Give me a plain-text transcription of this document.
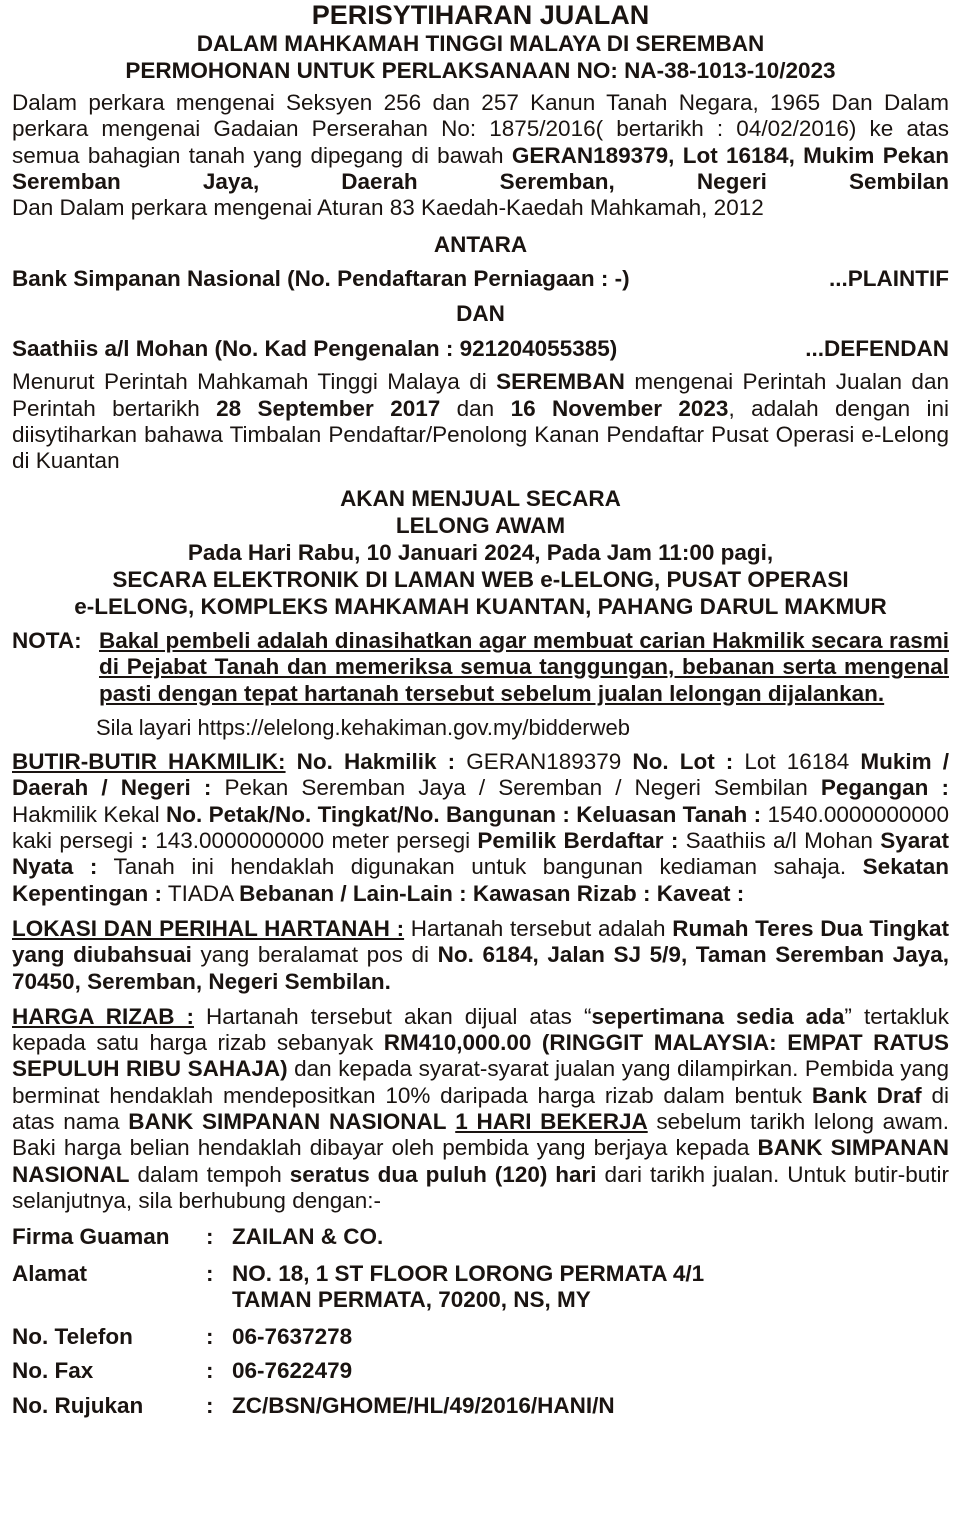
PERISYTIHARAN JUALAN
DALAM MAHKAMAH TINGGI MALAYA DI SEREMBAN
PERMOHONAN UNTUK PERLAKSANAAN NO: NA-38-1013-10/2023

Dalam perkara mengenai Seksyen 256 dan 257 Kanun Tanah Negara, 1965 Dan Dalam perkara mengenai Gadaian Perserahan No: 1875/2016( bertarikh : 04/02/2016) ke atas semua bahagian tanah yang dipegang di bawah GERAN189379, Lot 16184, Mukim Pekan Seremban Jaya, Daerah Seremban, Negeri Sembilan

Dan Dalam perkara mengenai Aturan 83 Kaedah-Kaedah Mahkamah, 2012

ANTARA
Bank Simpanan Nasional (No. Pendaftaran Perniagaan : -)	...PLAINTIF
DAN
Saathiis a/l Mohan (No. Kad Pengenalan : 921204055385)	...DEFENDAN

Menurut Perintah Mahkamah Tinggi Malaya di SEREMBAN mengenai Perintah Jualan dan Perintah bertarikh 28 September 2017 dan 16 November 2023, adalah dengan ini diisytiharkan bahawa Timbalan Pendaftar/Penolong Kanan Pendaftar Pusat Operasi e-Lelong di Kuantan

AKAN MENJUAL SECARA
LELONG AWAM
Pada Hari Rabu, 10 Januari 2024, Pada Jam 11:00 pagi,
SECARA ELEKTRONIK DI LAMAN WEB e-LELONG, PUSAT OPERASI
e-LELONG, KOMPLEKS MAHKAMAH KUANTAN, PAHANG DARUL MAKMUR
NOTA: Bakal pembeli adalah dinasihatkan agar membuat carian Hakmilik secara rasmi di Pejabat Tanah dan memeriksa semua tanggungan, bebanan serta mengenal pasti dengan tepat hartanah tersebut sebelum jualan lelongan dijalankan.
Sila layari https://elelong.kehakiman.gov.my/bidderweb

BUTIR-BUTIR HAKMILIK: No. Hakmilik : GERAN189379 No. Lot : Lot 16184 Mukim / Daerah / Negeri : Pekan Seremban Jaya / Seremban / Negeri Sembilan Pegangan : Hakmilik Kekal No. Petak/No. Tingkat/No. Bangunan : Keluasan Tanah : 1540.0000000000 kaki persegi : 143.0000000000 meter persegi Pemilik Berdaftar : Saathiis a/l Mohan Syarat Nyata : Tanah ini hendaklah digunakan untuk bangunan kediaman sahaja. Sekatan Kepentingan : TIADA Bebanan / Lain-Lain : Kawasan Rizab : Kaveat :

LOKASI DAN PERIHAL HARTANAH : Hartanah tersebut adalah Rumah Teres Dua Tingkat yang diubahsuai yang beralamat pos di No. 6184, Jalan SJ 5/9, Taman Seremban Jaya, 70450, Seremban, Negeri Sembilan.

HARGA RIZAB : Hartanah tersebut akan dijual atas “sepertimana sedia ada” tertakluk kepada satu harga rizab sebanyak RM410,000.00 (RINGGIT MALAYSIA: EMPAT RATUS SEPULUH RIBU SAHAJA) dan kepada syarat-syarat jualan yang dilampirkan. Pembida yang berminat hendaklah mendepositkan 10% daripada harga rizab dalam bentuk Bank Draf di atas nama BANK SIMPANAN NASIONAL 1 HARI BEKERJA sebelum tarikh lelong awam. Baki harga belian hendaklah dibayar oleh pembida yang berjaya kepada BANK SIMPANAN NASIONAL dalam tempoh seratus dua puluh (120) hari dari tarikh jualan. Untuk butir-butir selanjutnya, sila berhubung dengan:-

Firma Guaman	:	ZAILAN & CO.

Alamat	:	NO. 18, 1 ST FLOOR LORONG PERMATA 4/1
TAMAN PERMATA, 70200, NS, MY

No. Telefon	:	06-7637278

No. Fax	:	06-7622479

No. Rujukan	:	ZC/BSN/GHOME/HL/49/2016/HANI/N
